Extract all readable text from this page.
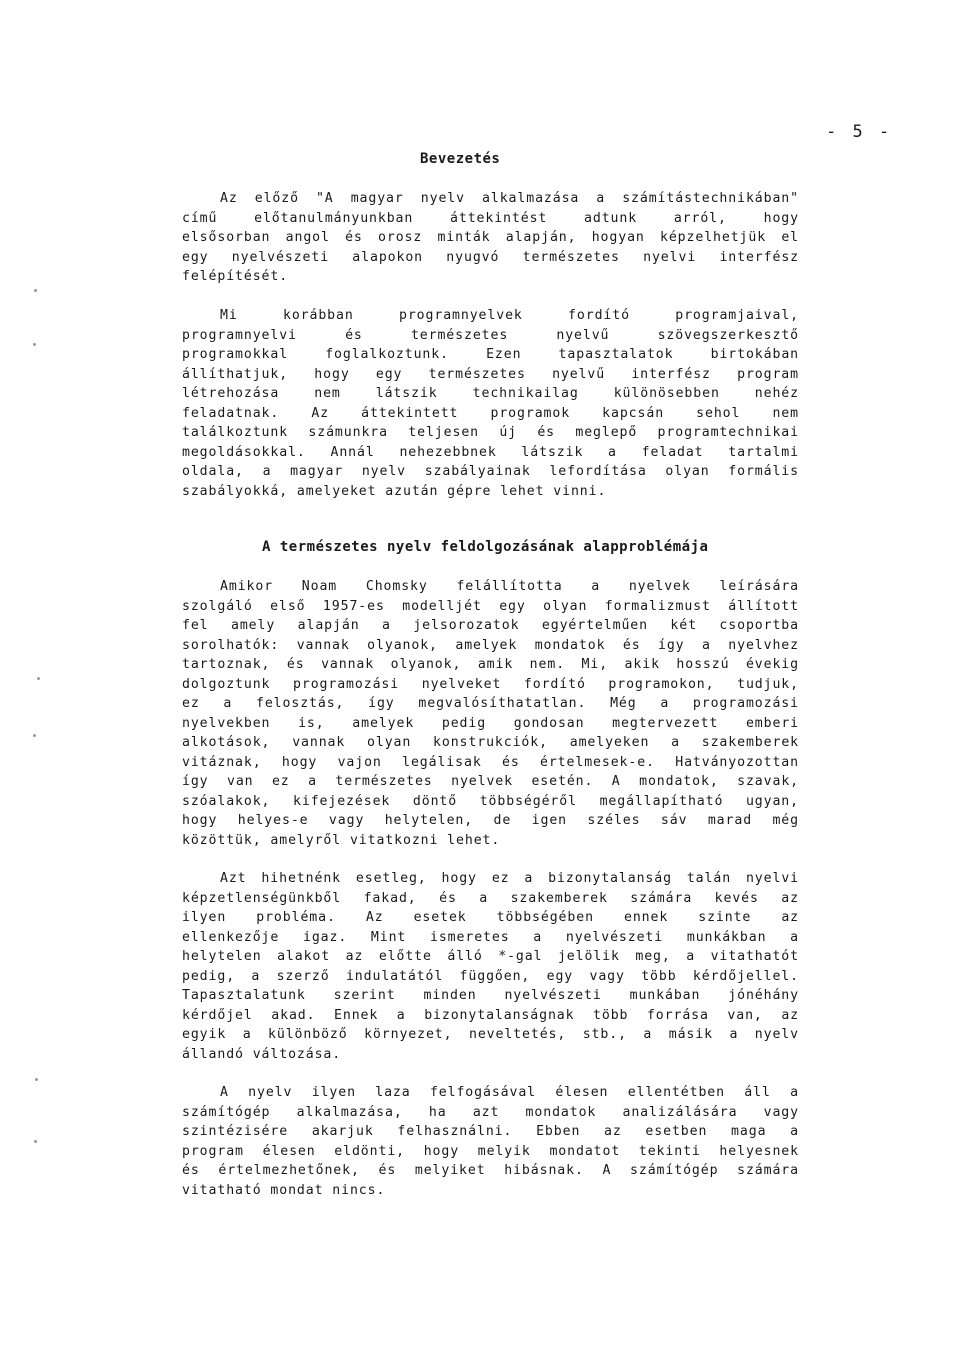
- 5 -
Bevezetés
Az előző "A magyar nyelv alkalmazása a számítástechnikában"
című előtanulmányunkban áttekintést adtunk arról, hogy
elsősorban angol és orosz minták alapján, hogyan képzelhetjük el
egy nyelvészeti alapokon nyugvó természetes nyelvi interfész
felépítését.
Mi korábban programnyelvek fordító programjaival,
programnyelvi és természetes nyelvű szövegszerkesztő
programokkal foglalkoztunk. Ezen tapasztalatok birtokában
állíthatjuk, hogy egy természetes nyelvű interfész program
létrehozása nem látszik technikailag különösebben nehéz
feladatnak. Az áttekintett programok kapcsán sehol nem
találkoztunk számunkra teljesen új és meglepő programtechnikai
megoldásokkal. Annál nehezebbnek látszik a feladat tartalmi
oldala, a magyar nyelv szabályainak lefordítása olyan formális
szabályokká, amelyeket azután gépre lehet vinni.
A természetes nyelv feldolgozásának alapproblémája
Amikor Noam Chomsky felállította a nyelvek leírására
szolgáló első 1957-es modelljét egy olyan formalizmust állított
fel amely alapján a jelsorozatok egyértelműen két csoportba
sorolhatók: vannak olyanok, amelyek mondatok és így a nyelvhez
tartoznak, és vannak olyanok, amik nem. Mi, akik hosszú évekig
dolgoztunk programozási nyelveket fordító programokon, tudjuk,
ez a felosztás, így megvalósíthatatlan. Még a programozási
nyelvekben is, amelyek pedig gondosan megtervezett emberi
alkotások, vannak olyan konstrukciók, amelyeken a szakemberek
vitáznak, hogy vajon legálisak és értelmesek-e. Hatványozottan
így van ez a természetes nyelvek esetén. A mondatok, szavak,
szóalakok, kifejezések döntő többségéről megállapítható ugyan,
hogy helyes-e vagy helytelen, de igen széles sáv marad még
közöttük, amelyről vitatkozni lehet.
Azt hihetnénk esetleg, hogy ez a bizonytalanság talán nyelvi
képzetlenségünkből fakad, és a szakemberek számára kevés az
ilyen probléma. Az esetek többségében ennek szinte az
ellenkezője igaz. Mint ismeretes a nyelvészeti munkákban a
helytelen alakot az előtte álló *-gal jelölik meg, a vitathatót
pedig, a szerző indulatától függően, egy vagy több kérdőjellel.
Tapasztalatunk szerint minden nyelvészeti munkában jónéhány
kérdőjel akad. Ennek a bizonytalanságnak több forrása van, az
egyik a különböző környezet, neveltetés, stb., a másik a nyelv
állandó változása.
A nyelv ilyen laza felfogásával élesen ellentétben áll a
számítógép alkalmazása, ha azt mondatok analizálására vagy
szintézisére akarjuk felhasználni. Ebben az esetben maga a
program élesen eldönti, hogy melyik mondatot tekinti helyesnek
és értelmezhetőnek, és melyiket hibásnak. A számítógép számára
vitatható mondat nincs.
